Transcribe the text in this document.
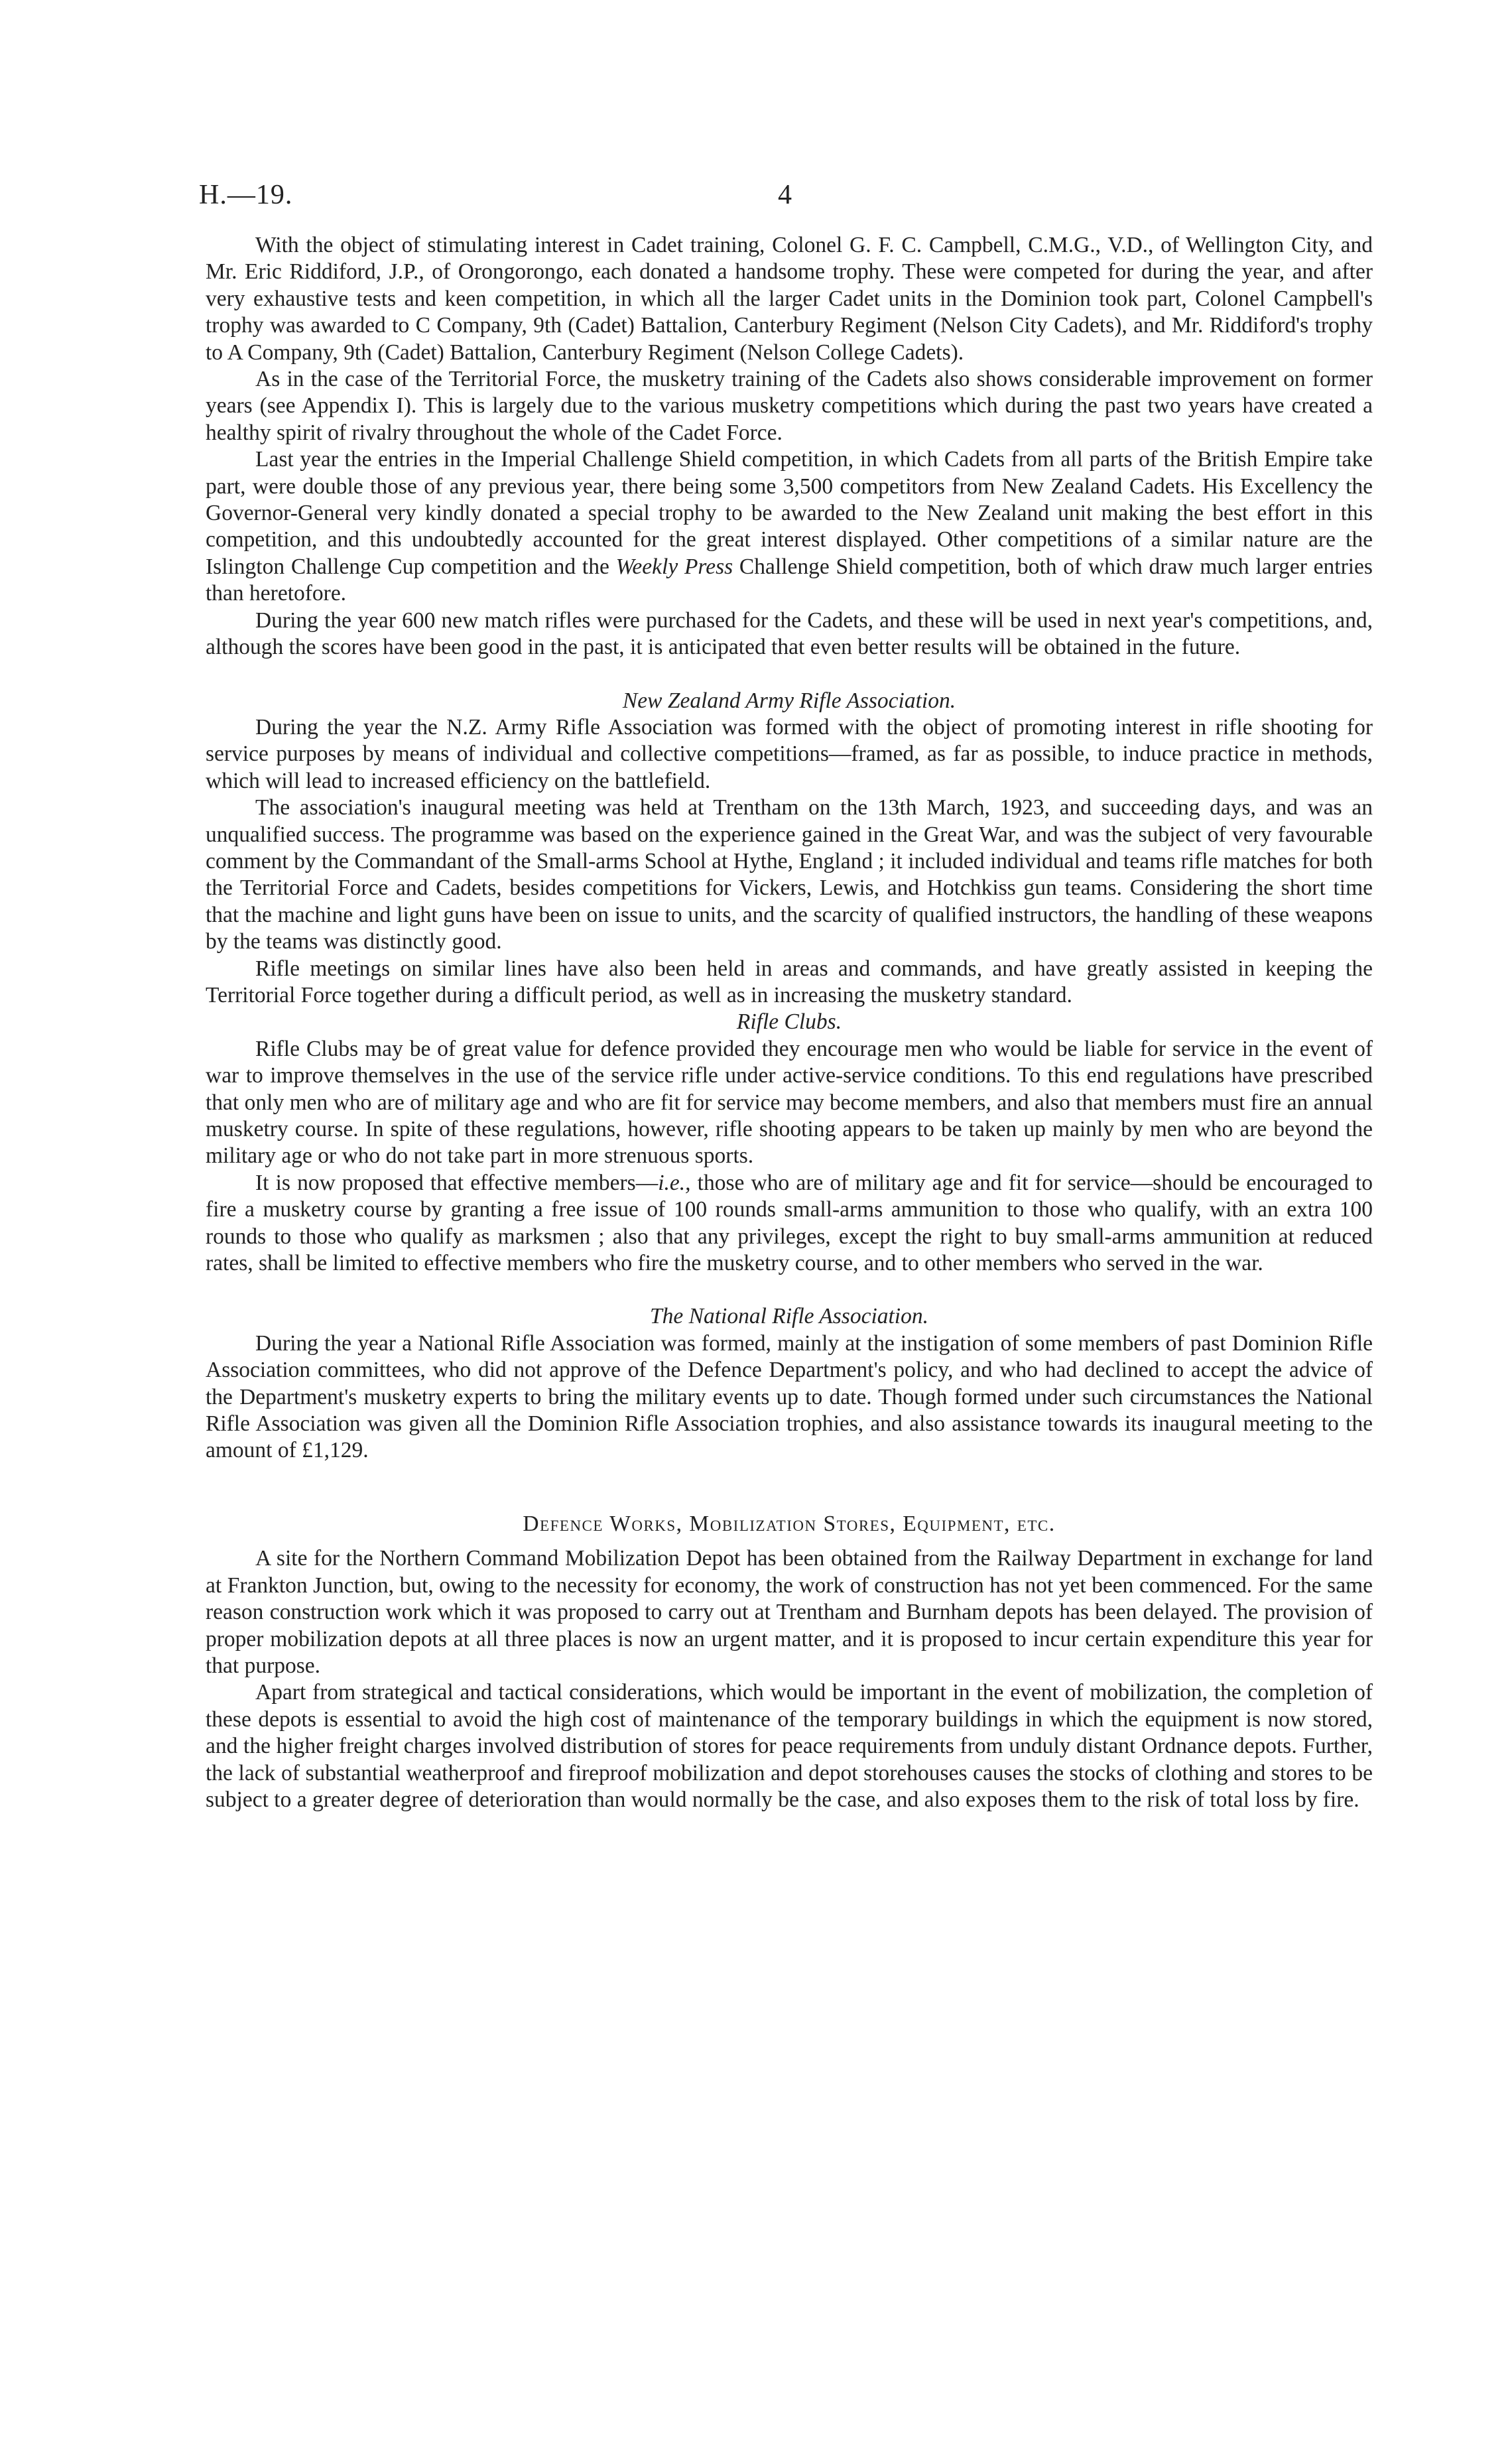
H.—19.	4

With the object of stimulating interest in Cadet training, Colonel G. F. C. Campbell, C.M.G., V.D., of Wellington City, and Mr. Eric Riddiford, J.P., of Orongorongo, each donated a handsome trophy. These were competed for during the year, and after very exhaustive tests and keen competition, in which all the larger Cadet units in the Dominion took part, Colonel Campbell's trophy was awarded to C Company, 9th (Cadet) Battalion, Canterbury Regiment (Nelson City Cadets), and Mr. Riddiford's trophy to A Company, 9th (Cadet) Battalion, Canterbury Regiment (Nelson College Cadets).

As in the case of the Territorial Force, the musketry training of the Cadets also shows considerable improvement on former years (see Appendix I). This is largely due to the various musketry competitions which during the past two years have created a healthy spirit of rivalry throughout the whole of the Cadet Force.

Last year the entries in the Imperial Challenge Shield competition, in which Cadets from all parts of the British Empire take part, were double those of any previous year, there being some 3,500 competitors from New Zealand Cadets. His Excellency the Governor-General very kindly donated a special trophy to be awarded to the New Zealand unit making the best effort in this competition, and this undoubtedly accounted for the great interest displayed. Other competitions of a similar nature are the Islington Challenge Cup competition and the Weekly Press Challenge Shield competition, both of which draw much larger entries than heretofore.

During the year 600 new match rifles were purchased for the Cadets, and these will be used in next year's competitions, and, although the scores have been good in the past, it is anticipated that even better results will be obtained in the future.

New Zealand Army Rifle Association.

During the year the N.Z. Army Rifle Association was formed with the object of promoting interest in rifle shooting for service purposes by means of individual and collective competitions—framed, as far as possible, to induce practice in methods, which will lead to increased efficiency on the battlefield.

The association's inaugural meeting was held at Trentham on the 13th March, 1923, and succeeding days, and was an unqualified success. The programme was based on the experience gained in the Great War, and was the subject of very favourable comment by the Commandant of the Small-arms School at Hythe, England ; it included individual and teams rifle matches for both the Territorial Force and Cadets, besides competitions for Vickers, Lewis, and Hotchkiss gun teams. Considering the short time that the machine and light guns have been on issue to units, and the scarcity of qualified instructors, the handling of these weapons by the teams was distinctly good.

Rifle meetings on similar lines have also been held in areas and commands, and have greatly assisted in keeping the Territorial Force together during a difficult period, as well as in increasing the musketry standard.

Rifle Clubs.

Rifle Clubs may be of great value for defence provided they encourage men who would be liable for service in the event of war to improve themselves in the use of the service rifle under active-service conditions. To this end regulations have prescribed that only men who are of military age and who are fit for service may become members, and also that members must fire an annual musketry course. In spite of these regulations, however, rifle shooting appears to be taken up mainly by men who are beyond the military age or who do not take part in more strenuous sports.

It is now proposed that effective members—i.e., those who are of military age and fit for service—should be encouraged to fire a musketry course by granting a free issue of 100 rounds small-arms ammunition to those who qualify, with an extra 100 rounds to those who qualify as marksmen ; also that any privileges, except the right to buy small-arms ammunition at reduced rates, shall be limited to effective members who fire the musketry course, and to other members who served in the war.

The National Rifle Association.

During the year a National Rifle Association was formed, mainly at the instigation of some members of past Dominion Rifle Association committees, who did not approve of the Defence Department's policy, and who had declined to accept the advice of the Department's musketry experts to bring the military events up to date. Though formed under such circumstances the National Rifle Association was given all the Dominion Rifle Association trophies, and also assistance towards its inaugural meeting to the amount of £1,129.

Defence Works, Mobilization Stores, Equipment, etc.

A site for the Northern Command Mobilization Depot has been obtained from the Railway Department in exchange for land at Frankton Junction, but, owing to the necessity for economy, the work of construction has not yet been commenced. For the same reason construction work which it was proposed to carry out at Trentham and Burnham depots has been delayed. The provision of proper mobilization depots at all three places is now an urgent matter, and it is proposed to incur certain expenditure this year for that purpose.

Apart from strategical and tactical considerations, which would be important in the event of mobilization, the completion of these depots is essential to avoid the high cost of maintenance of the temporary buildings in which the equipment is now stored, and the higher freight charges involved distribution of stores for peace requirements from unduly distant Ordnance depots. Further, the lack of substantial weatherproof and fireproof mobilization and depot storehouses causes the stocks of clothing and stores to be subject to a greater degree of deterioration than would normally be the case, and also exposes them to the risk of total loss by fire.
